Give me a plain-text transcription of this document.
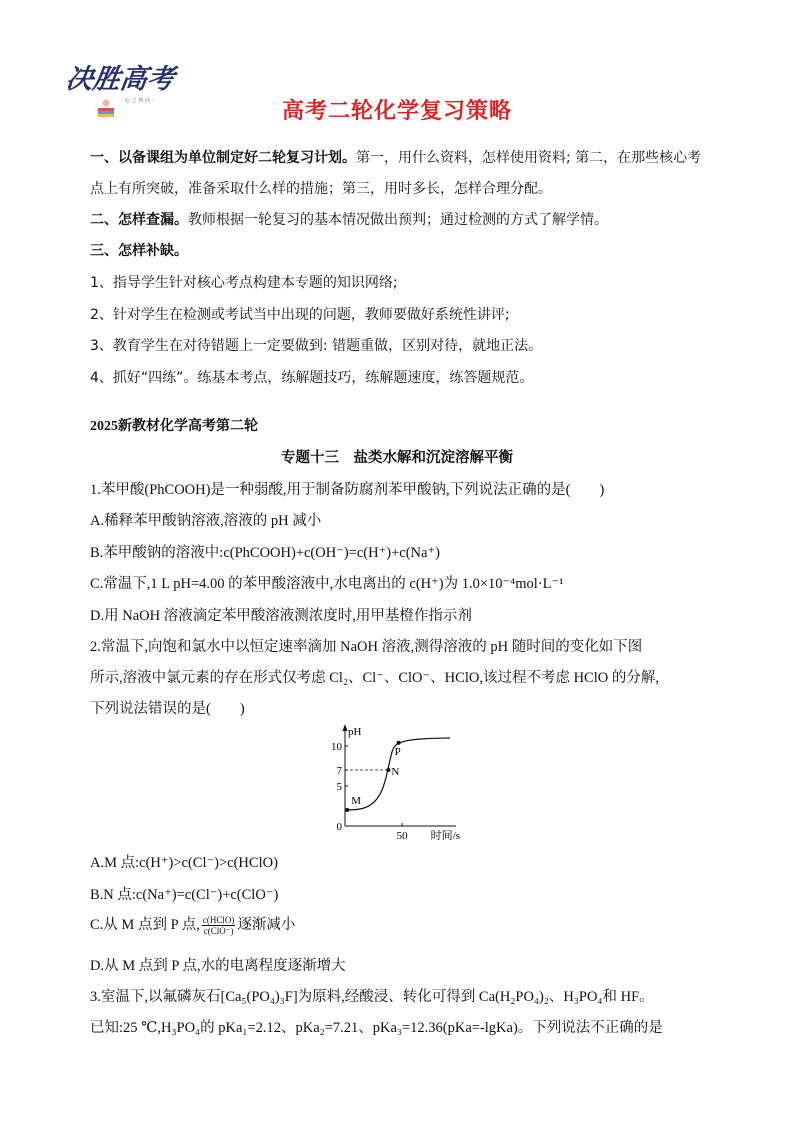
决胜高考
· 心 之 所 向 ·	高考二轮化学复习策略
一、以备课组为单位制定好二轮复习计划。第一，用什么资料，怎样使用资料; 第二，在那些核心考
点上有所突破，准备采取什么样的措施；第三，用时多长，怎样合理分配。
二、怎样查漏。教师根据一轮复习的基本情况做出预判；通过检测的方式了解学情。
三、怎样补缺。
1、指导学生针对核心考点构建本专题的知识网络;
2、针对学生在检测或考试当中出现的问题，教师要做好系统性讲评;
3、教育学生在对待错题上一定要做到: 错题重做，区别对待，就地正法。
4、抓好“四练”。练基本考点，练解题技巧，练解题速度，练答题规范。
2025新教材化学高考第二轮
专题十三　盐类水解和沉淀溶解平衡
1.苯甲酸(PhCOOH)是一种弱酸,用于制备防腐剂苯甲酸钠,下列说法正确的是(　　)
A.稀释苯甲酸钠溶液,溶液的 pH 减小
B.苯甲酸钠的溶液中:c(PhCOOH)+c(OH⁻)=c(H⁺)+c(Na⁺)
C.常温下,1 L pH=4.00 的苯甲酸溶液中,水电离出的 c(H⁺)为 1.0×10⁻⁴mol·L⁻¹
D.用 NaOH 溶液滴定苯甲酸溶液测浓度时,用甲基橙作指示剂
2.常温下,向饱和氯水中以恒定速率滴加 NaOH 溶液,测得溶液的 pH 随时间的变化如下图
所示,溶液中氯元素的存在形式仅考虑 Cl₂、Cl⁻、ClO⁻、HClO,该过程不考虑 HClO 的分解,
下列说法错误的是(　　)
pH
10
7
5
0
50 时间/s
M
N
P
A.M 点:c(H⁺)>c(Cl⁻)>c(HClO)
B.N 点:c(Na⁺)=c(Cl⁻)+c(ClO⁻)
C.从 M 点到 P 点, $\frac{\text{c(HClO)}}{\text{c(ClO⁻)}}$ 逐渐减小
D.从 M 点到 P 点,水的电离程度逐渐增大
3.室温下,以氟磷灰石[Ca₅(PO₄)₃F]为原料,经酸浸、转化可得到 Ca(H₂PO₄)₂、H₃PO₄和 HF。
已知:25 ℃,H₃PO₄的 pKa₁=2.12、pKa₂=7.21、pKa₃=12.36(pKa=-lgKa)。下列说法不正确的是
